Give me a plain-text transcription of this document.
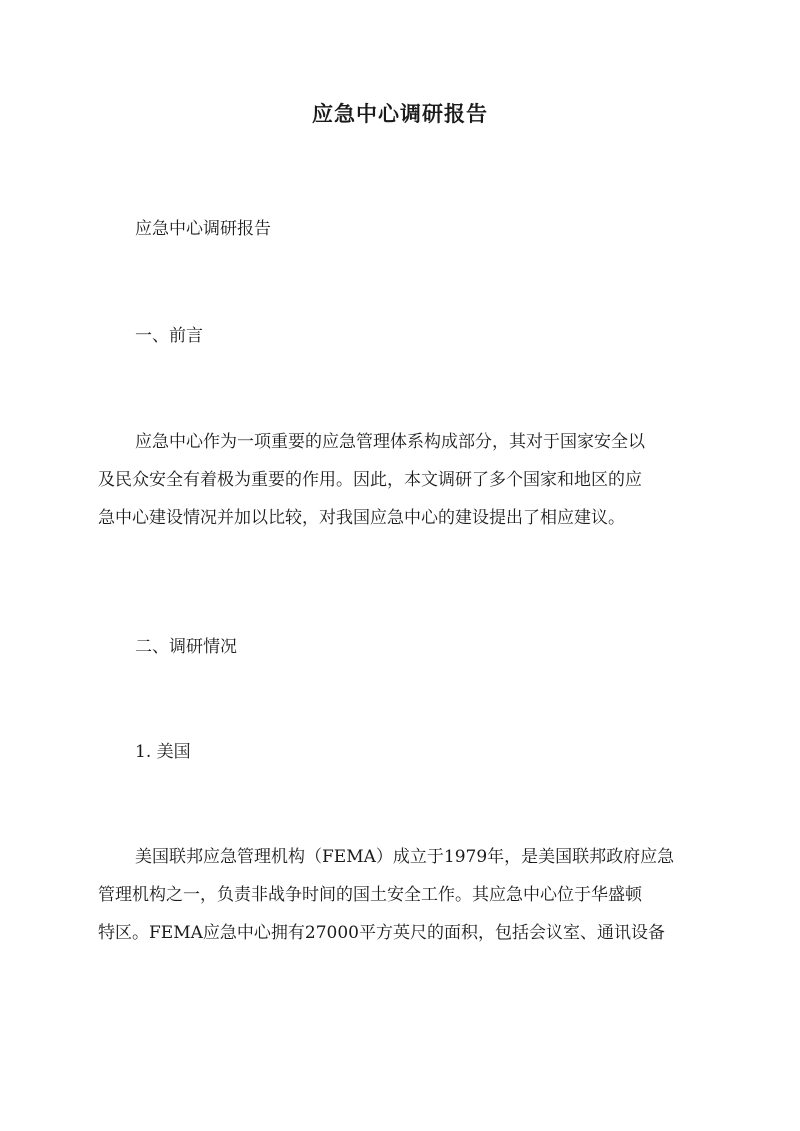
应急中心调研报告
应急中心调研报告
一、前言
应急中心作为一项重要的应急管理体系构成部分，其对于国家安全以
及民众安全有着极为重要的作用。因此，本文调研了多个国家和地区的应
急中心建设情况并加以比较，对我国应急中心的建设提出了相应建议。
二、调研情况
1. 美国
美国联邦应急管理机构（FEMA）成立于1979年，是美国联邦政府应急
管理机构之一，负责非战争时间的国土安全工作。其应急中心位于华盛顿
特区。FEMA应急中心拥有27000平方英尺的面积，包括会议室、通讯设备
